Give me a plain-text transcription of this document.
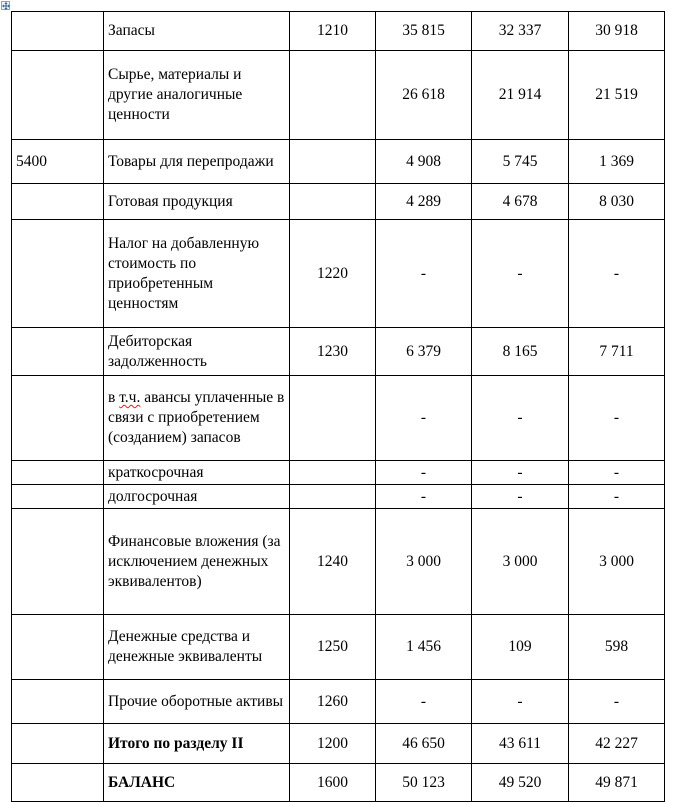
	Запасы	1210	35 815	32 337	30 918
	Сырье, материалы и другие аналогичные ценности		26 618	21 914	21 519
5400	Товары для перепродажи		4 908	5 745	1 369
	Готовая продукция		4 289	4 678	8 030
	Налог на добавленную стоимость по приобретенным ценностям	1220	-	-	-
	Дебиторская задолженность	1230	6 379	8 165	7 711
	в т.ч. авансы уплаченные в связи с приобретением (созданием) запасов		-	-	-
	краткосрочная		-	-	-
	долгосрочная		-	-	-
	Финансовые вложения (за исключением денежных эквивалентов)	1240	3 000	3 000	3 000
	Денежные средства и денежные эквиваленты	1250	1 456	109	598
	Прочие оборотные активы	1260	-	-	-
	Итого по разделу II	1200	46 650	43 611	42 227
	БАЛАНС	1600	50 123	49 520	49 871
